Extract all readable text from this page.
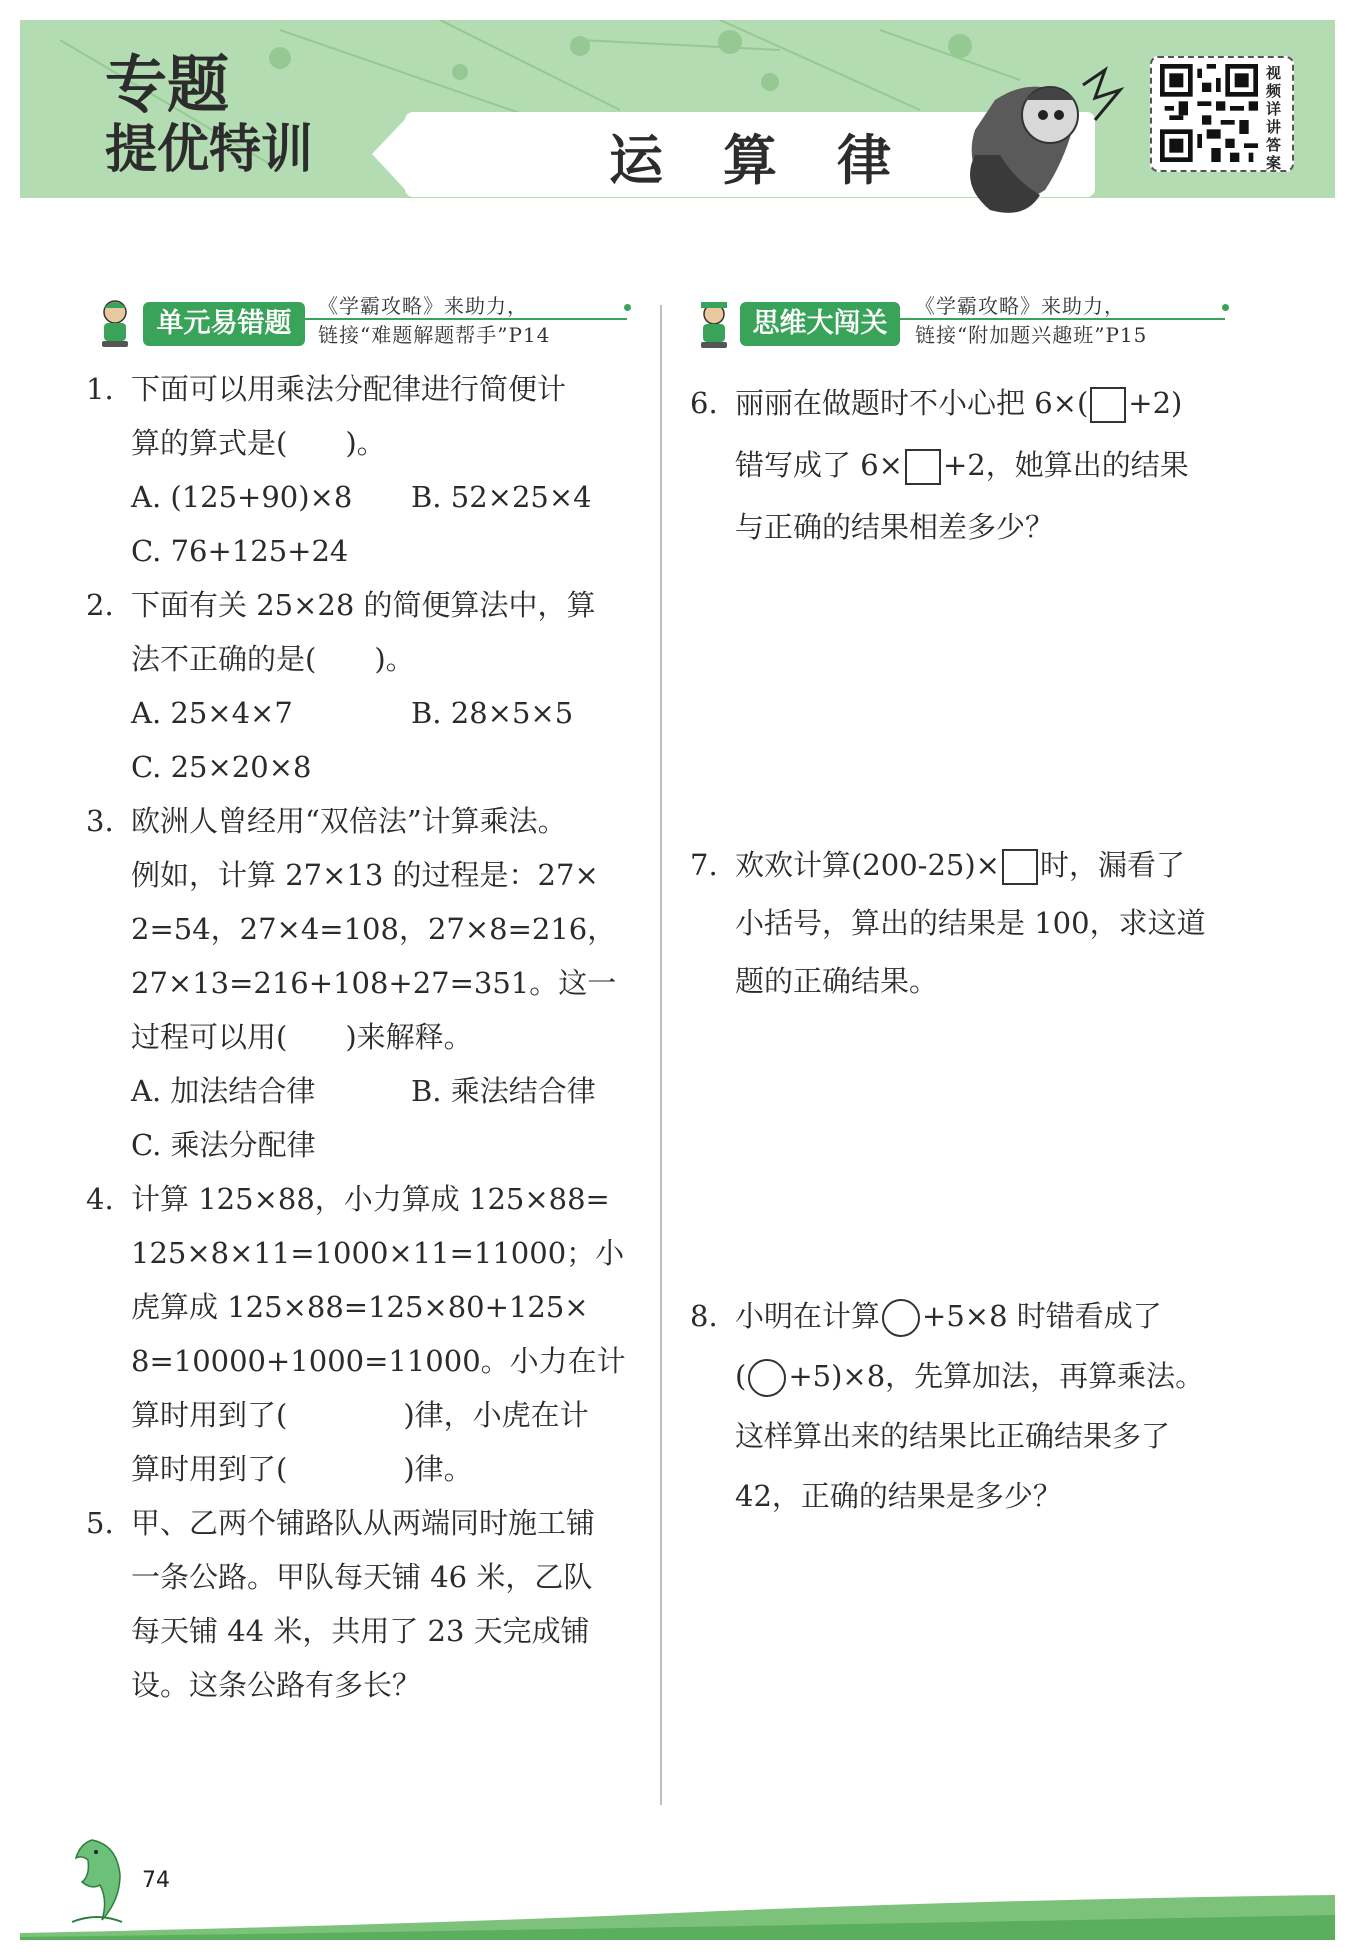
专题
提优特训	运算律
视频详讲答案
单元易错题
《学霸攻略》来助力，
链接“难题解题帮手”P14	思维大闯关
《学霸攻略》来助力，
链接“附加题兴趣班”P15
1. 下面可以用乘法分配律进行简便计
算的算式是(　　)。
A. (125+90)×8 B. 52×25×4
C. 76+125+24
2. 下面有关 25×28 的简便算法中，算
法不正确的是(　　)。
A. 25×4×7	B. 28×5×5
C. 25×20×8
3. 欧洲人曾经用“双倍法”计算乘法。
例如，计算 27×13 的过程是：27×
2=54，27×4=108，27×8=216，
27×13=216+108+27=351。这一
过程可以用(　　)来解释。
A. 加法结合律	B. 乘法结合律
C. 乘法分配律
4. 计算 125×88，小力算成 125×88=
125×8×11=1000×11=11000；小
虎算成 125×88=125×80+125×
8=10000+1000=11000。小力在计
算时用到了(　　　　)律，小虎在计
算时用到了(　　　　)律。
5. 甲、乙两个铺路队从两端同时施工铺
一条公路。甲队每天铺 46 米，乙队
每天铺 44 米，共用了 23 天完成铺
设。这条公路有多长？
6. 丽丽在做题时不小心把 6×( +2)
错写成了 6× +2，她算出的结果
与正确的结果相差多少？
7. 欢欢计算(200-25)× 时，漏看了
小括号，算出的结果是 100，求这道
题的正确结果。
8. 小明在计算 +5×8 时错看成了
( +5)×8，先算加法，再算乘法。
这样算出来的结果比正确结果多了
42，正确的结果是多少？
74
